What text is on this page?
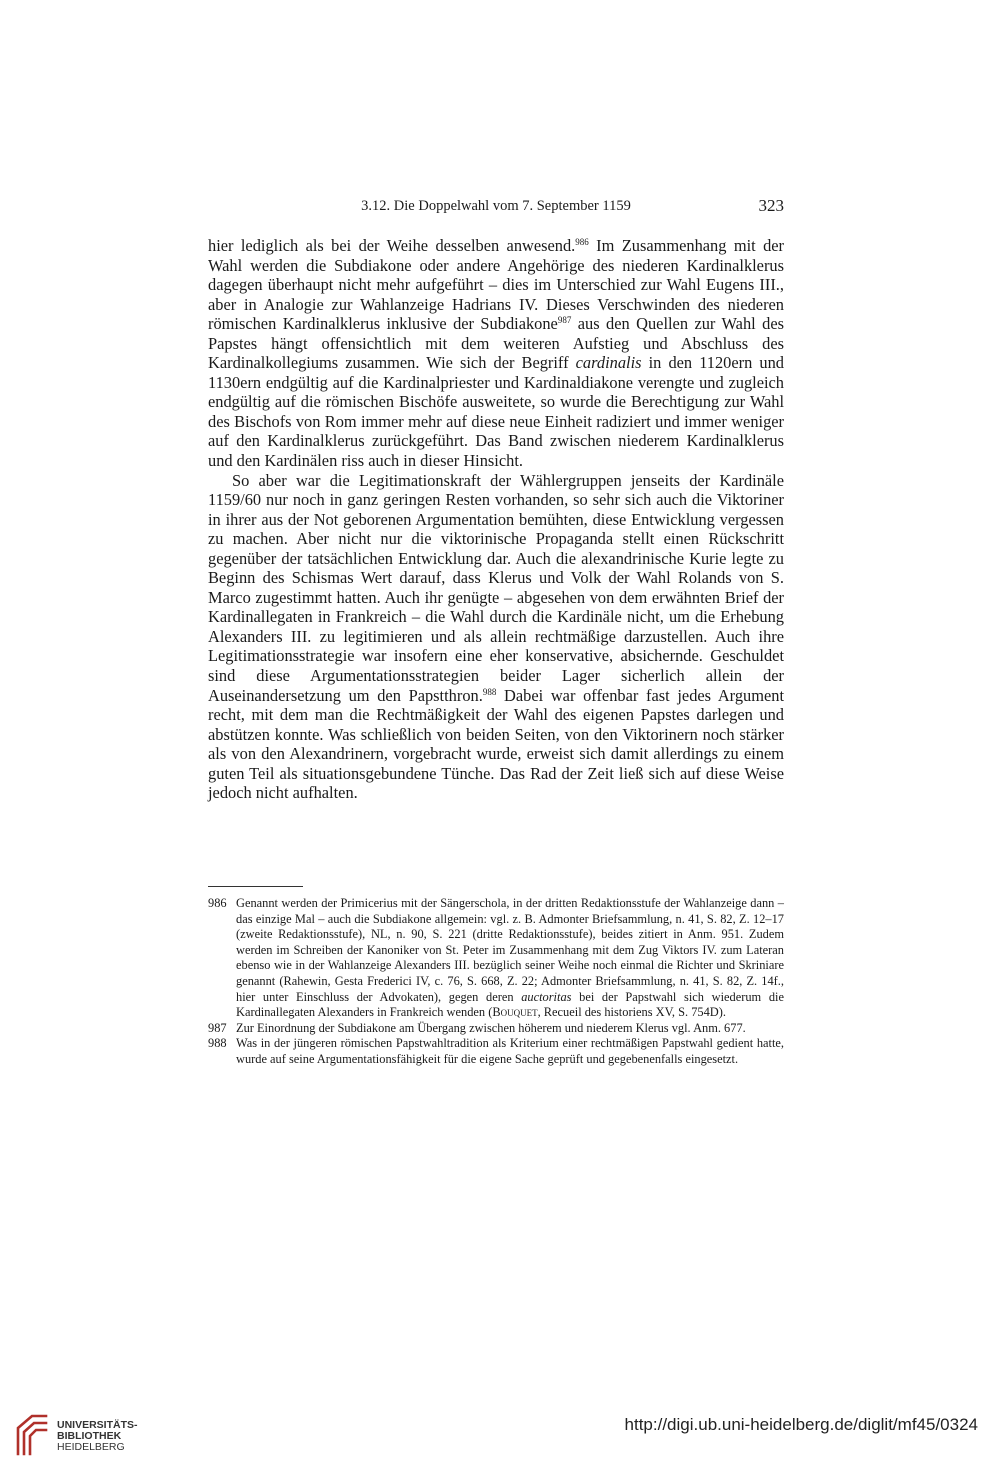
3.12. Die Doppelwahl vom 7. September 1159	323

hier lediglich als bei der Weihe desselben anwesend.$^{986}$ Im Zusammenhang mit der Wahl werden die Subdiakone oder andere Angehörige des niederen Kardinalklerus dagegen überhaupt nicht mehr aufgeführt – dies im Unterschied zur Wahl Eugens III., aber in Analogie zur Wahlanzeige Hadrians IV. Dieses Verschwinden des niederen römischen Kardinalklerus inklusive der Subdiakone$^{987}$ aus den Quellen zur Wahl des Papstes hängt offensichtlich mit dem weiteren Aufstieg und Abschluss des Kardinalkollegiums zusammen. Wie sich der Begriff cardinalis in den 1120ern und 1130ern endgültig auf die Kardinalpriester und Kardinaldiakone verengte und zugleich endgültig auf die römischen Bischöfe ausweitete, so wurde die Berechtigung zur Wahl des Bischofs von Rom immer mehr auf diese neue Einheit radiziert und immer weniger auf den Kardinalklerus zurückgeführt. Das Band zwischen niederem Kardinalklerus und den Kardinälen riss auch in dieser Hinsicht.

So aber war die Legitimationskraft der Wählergruppen jenseits der Kardinäle 1159/60 nur noch in ganz geringen Resten vorhanden, so sehr sich auch die Viktoriner in ihrer aus der Not geborenen Argumentation bemühten, diese Entwicklung vergessen zu machen. Aber nicht nur die viktorinische Propaganda stellt einen Rückschritt gegenüber der tatsächlichen Entwicklung dar. Auch die alexandrinische Kurie legte zu Beginn des Schismas Wert darauf, dass Klerus und Volk der Wahl Rolands von S. Marco zugestimmt hatten. Auch ihr genügte – abgesehen von dem erwähnten Brief der Kardinallegaten in Frankreich – die Wahl durch die Kardinäle nicht, um die Erhebung Alexanders III. zu legitimieren und als allein rechtmäßige darzustellen. Auch ihre Legitimationsstrategie war insofern eine eher konservative, absichernde. Geschuldet sind diese Argumentationsstrategien beider Lager sicherlich allein der Auseinandersetzung um den Papstthron.$^{988}$ Dabei war offenbar fast jedes Argument recht, mit dem man die Rechtmäßigkeit der Wahl des eigenen Papstes darlegen und abstützen konnte. Was schließlich von beiden Seiten, von den Viktorinern noch stärker als von den Alexandrinern, vorgebracht wurde, erweist sich damit allerdings zu einem guten Teil als situationsgebundene Tünche. Das Rad der Zeit ließ sich auf diese Weise jedoch nicht aufhalten.

986 Genannt werden der Primicerius mit der Sängerschola, in der dritten Redaktionsstufe der Wahlanzeige dann – das einzige Mal – auch die Subdiakone allgemein: vgl. z. B. Admonter Briefsammlung, n. 41, S. 82, Z. 12–17 (zweite Redaktionsstufe), NL, n. 90, S. 221 (dritte Redaktionsstufe), beides zitiert in Anm. 951. Zudem werden im Schreiben der Kanoniker von St. Peter im Zusammenhang mit dem Zug Viktors IV. zum Lateran ebenso wie in der Wahlanzeige Alexanders III. bezüglich seiner Weihe noch einmal die Richter und Skriniare genannt (Rahewin, Gesta Frederici IV, c. 76, S. 668, Z. 22; Admonter Briefsammlung, n. 41, S. 82, Z. 14f., hier unter Einschluss der Advokaten), gegen deren auctoritas bei der Papstwahl sich wiederum die Kardinallegaten Alexanders in Frankreich wenden (Bouquet, Recueil des historiens XV, S. 754D).
987 Zur Einordnung der Subdiakone am Übergang zwischen höherem und niederem Klerus vgl. Anm. 677.
988 Was in der jüngeren römischen Papstwahltradition als Kriterium einer rechtmäßigen Papstwahl gedient hatte, wurde auf seine Argumentationsfähigkeit für die eigene Sache geprüft und gegebenenfalls eingesetzt.
UNIVERSITÄTS-
BIBLIOTHEK
HEIDELBERG
http://digi.ub.uni-heidelberg.de/diglit/mf45/0324
